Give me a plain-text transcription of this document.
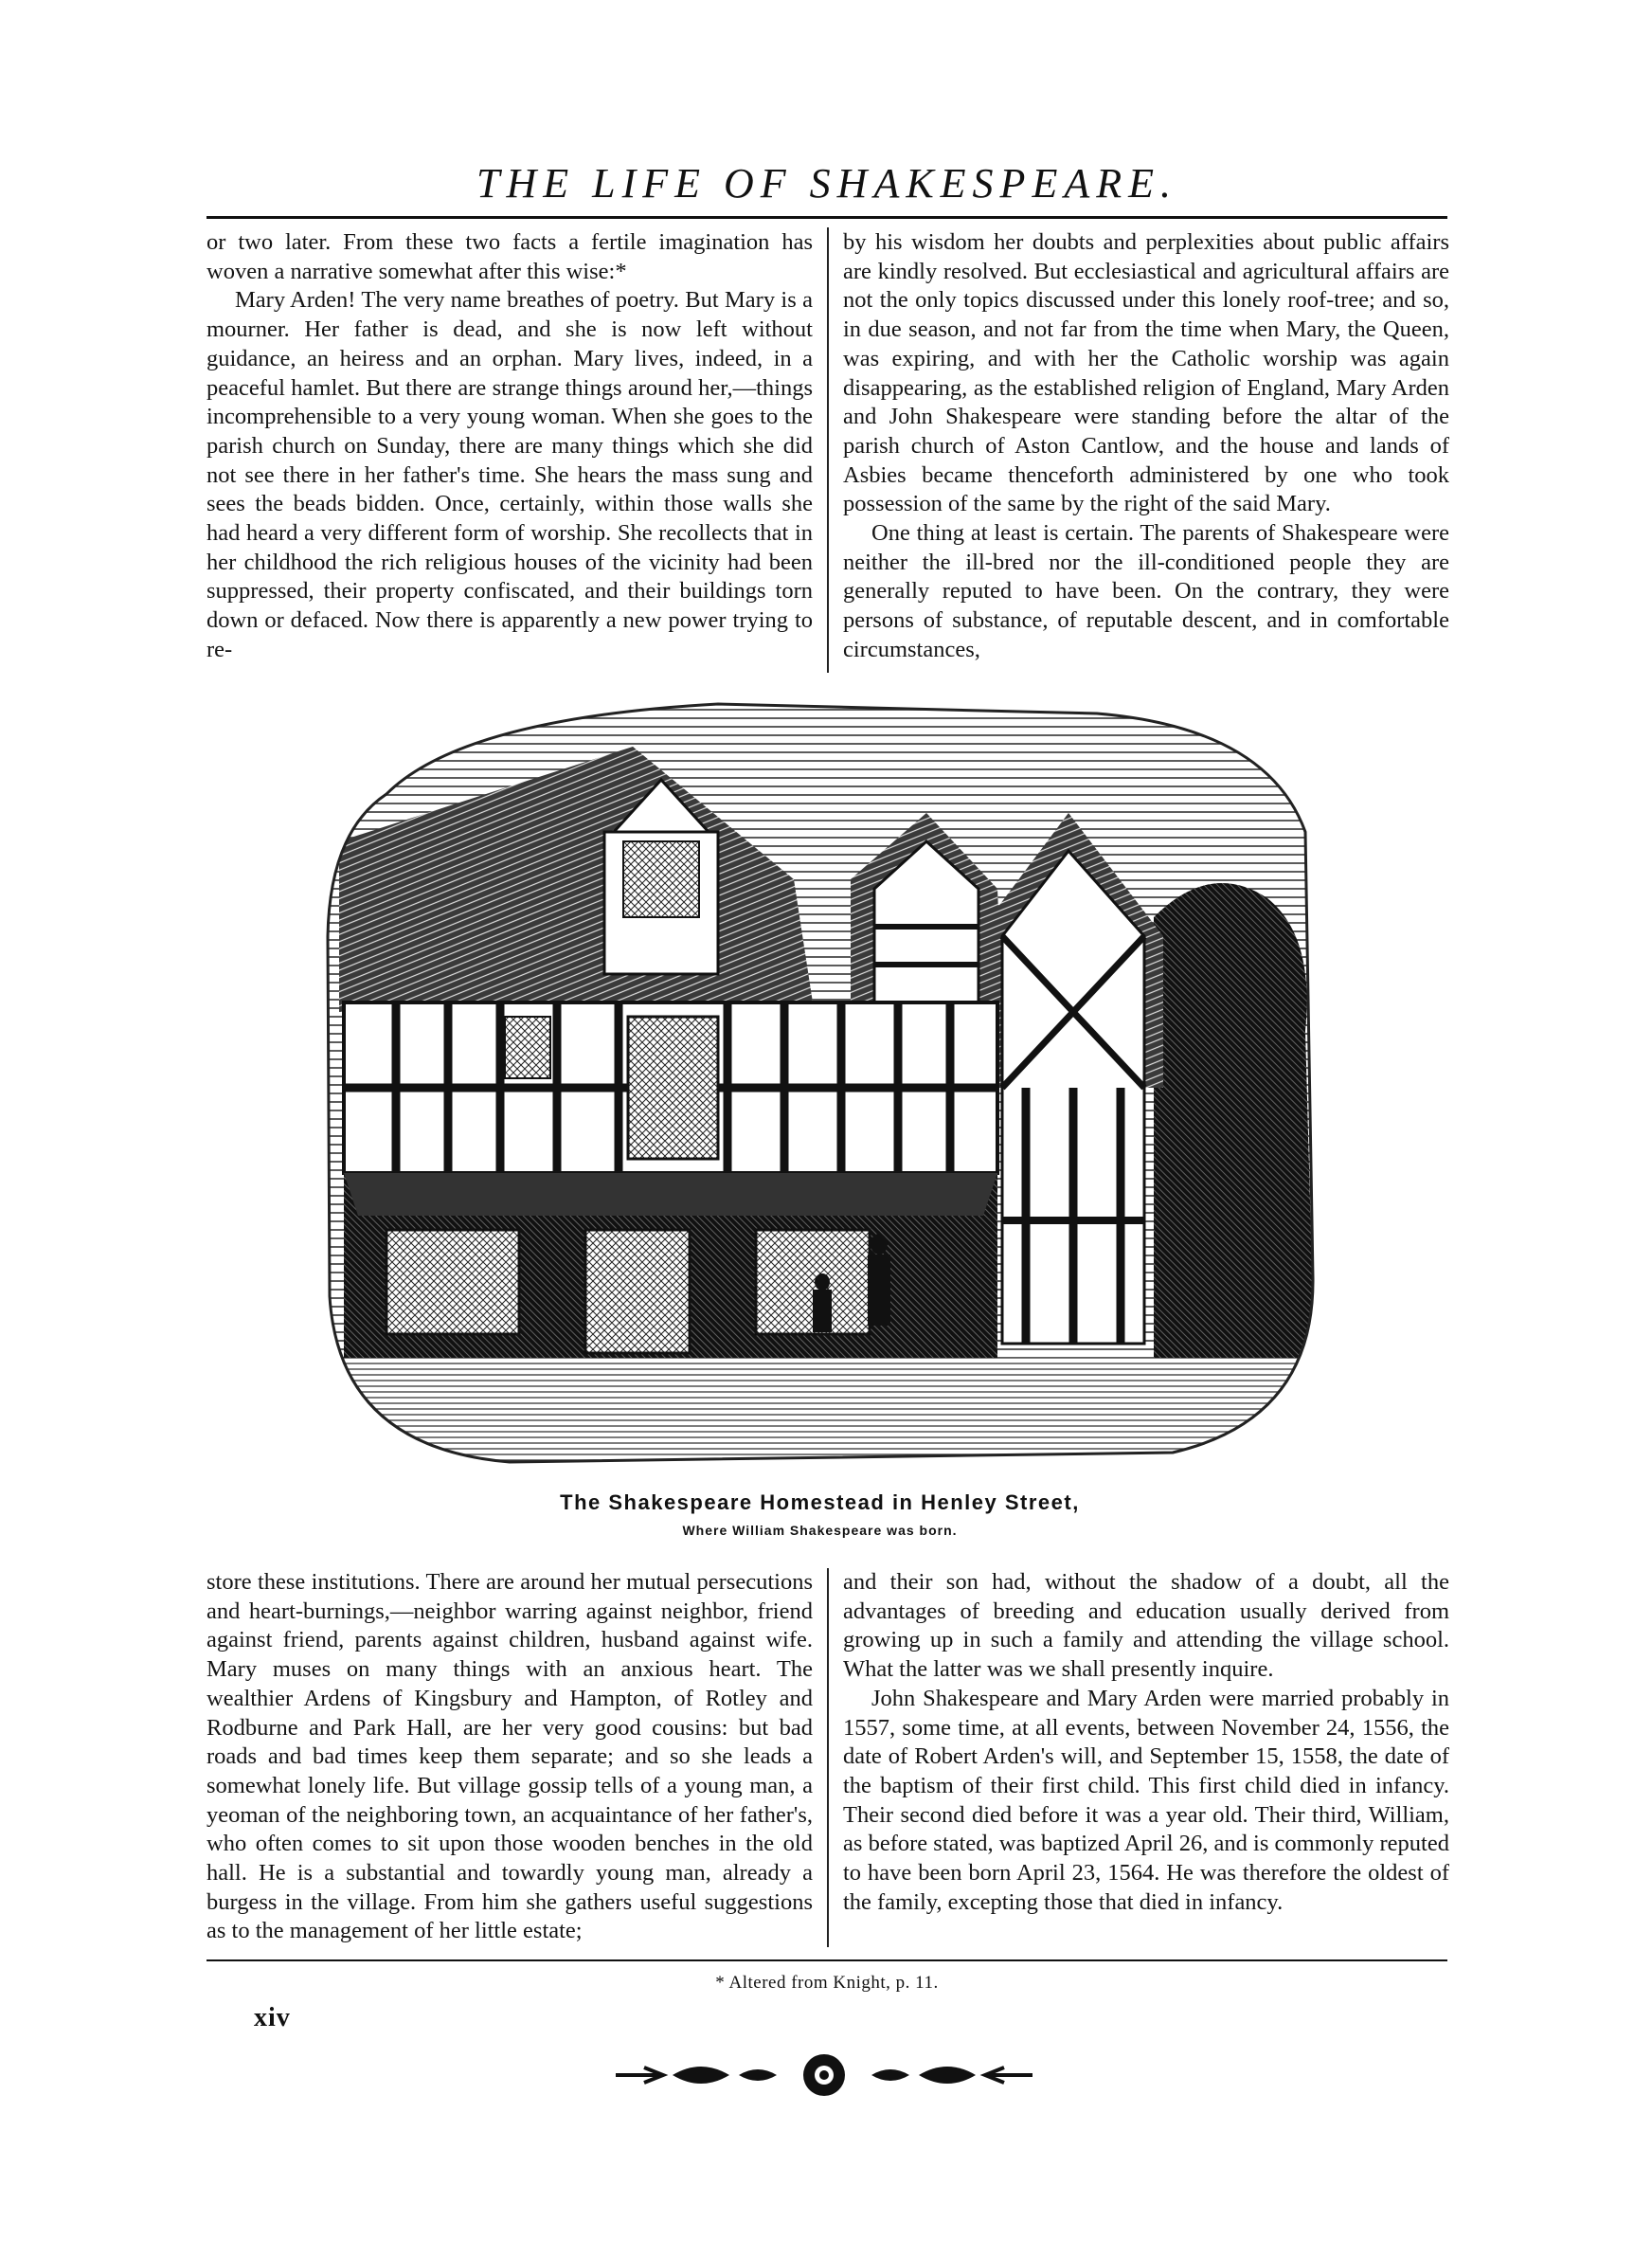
THE LIFE OF SHAKESPEARE.

or two later. From these two facts a fertile imagination has woven a narrative somewhat after this wise:*

Mary Arden! The very name breathes of poetry. But Mary is a mourner. Her father is dead, and she is now left without guidance, an heiress and an orphan. Mary lives, indeed, in a peaceful hamlet. But there are strange things around her,—things incomprehensible to a very young woman. When she goes to the parish church on Sunday, there are many things which she did not see there in her father's time. She hears the mass sung and sees the beads bidden. Once, certainly, within those walls she had heard a very different form of worship. She recollects that in her childhood the rich religious houses of the vicinity had been suppressed, their property confiscated, and their buildings torn down or defaced. Now there is apparently a new power trying to re-

by his wisdom her doubts and perplexities about public affairs are kindly resolved. But ecclesiastical and agricultural affairs are not the only topics discussed under this lonely roof-tree; and so, in due season, and not far from the time when Mary, the Queen, was expiring, and with her the Catholic worship was again disappearing, as the established religion of England, Mary Arden and John Shakespeare were standing before the altar of the parish church of Aston Cantlow, and the house and lands of Asbies became thenceforth administered by one who took possession of the same by the right of the said Mary.

One thing at least is certain. The parents of Shakespeare were neither the ill-bred nor the ill-conditioned people they are generally reputed to have been. On the contrary, they were persons of substance, of reputable descent, and in comfortable circumstances,

The Shakespeare Homestead in Henley Street,
Where William Shakespeare was born.

store these institutions. There are around her mutual persecutions and heart-burnings,—neighbor warring against neighbor, friend against friend, parents against children, husband against wife. Mary muses on many things with an anxious heart. The wealthier Ardens of Kingsbury and Hampton, of Rotley and Rodburne and Park Hall, are her very good cousins: but bad roads and bad times keep them separate; and so she leads a somewhat lonely life. But village gossip tells of a young man, a yeoman of the neighboring town, an acquaintance of her father's, who often comes to sit upon those wooden benches in the old hall. He is a substantial and towardly young man, already a burgess in the village. From him she gathers useful suggestions as to the management of her little estate;

and their son had, without the shadow of a doubt, all the advantages of breeding and education usually derived from growing up in such a family and attending the village school. What the latter was we shall presently inquire.

John Shakespeare and Mary Arden were married probably in 1557, some time, at all events, between November 24, 1556, the date of Robert Arden's will, and September 15, 1558, the date of the baptism of their first child. This first child died in infancy. Their second died before it was a year old. Their third, William, as before stated, was baptized April 26, and is commonly reputed to have been born April 23, 1564. He was therefore the oldest of the family, excepting those that died in infancy.

* Altered from Knight, p. 11.
xiv
